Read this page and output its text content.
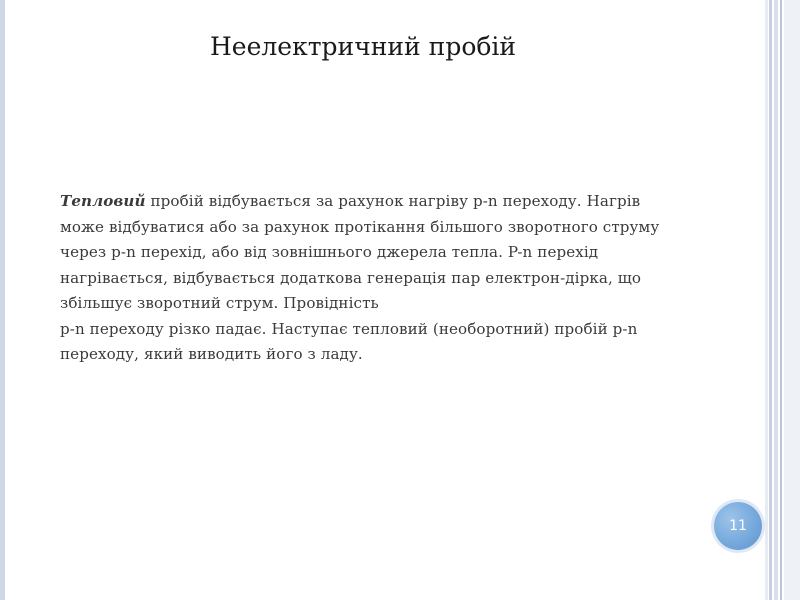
Неелектричний пробій
Тепловий пробій відбувається за рахунок нагріву p-n переходу. Нагрів
може відбуватися або за рахунок протікання більшого зворотного струму
через p-n перехід, або від зовнішнього джерела тепла. P-n перехід
нагрівається, відбувається додаткова генерація пар електрон-дірка, що
збільшує зворотний струм. Провідність
p-n переходу різко падає. Наступає тепловий (необоротний) пробій p-n
переходу, який виводить його з ладу.
11
